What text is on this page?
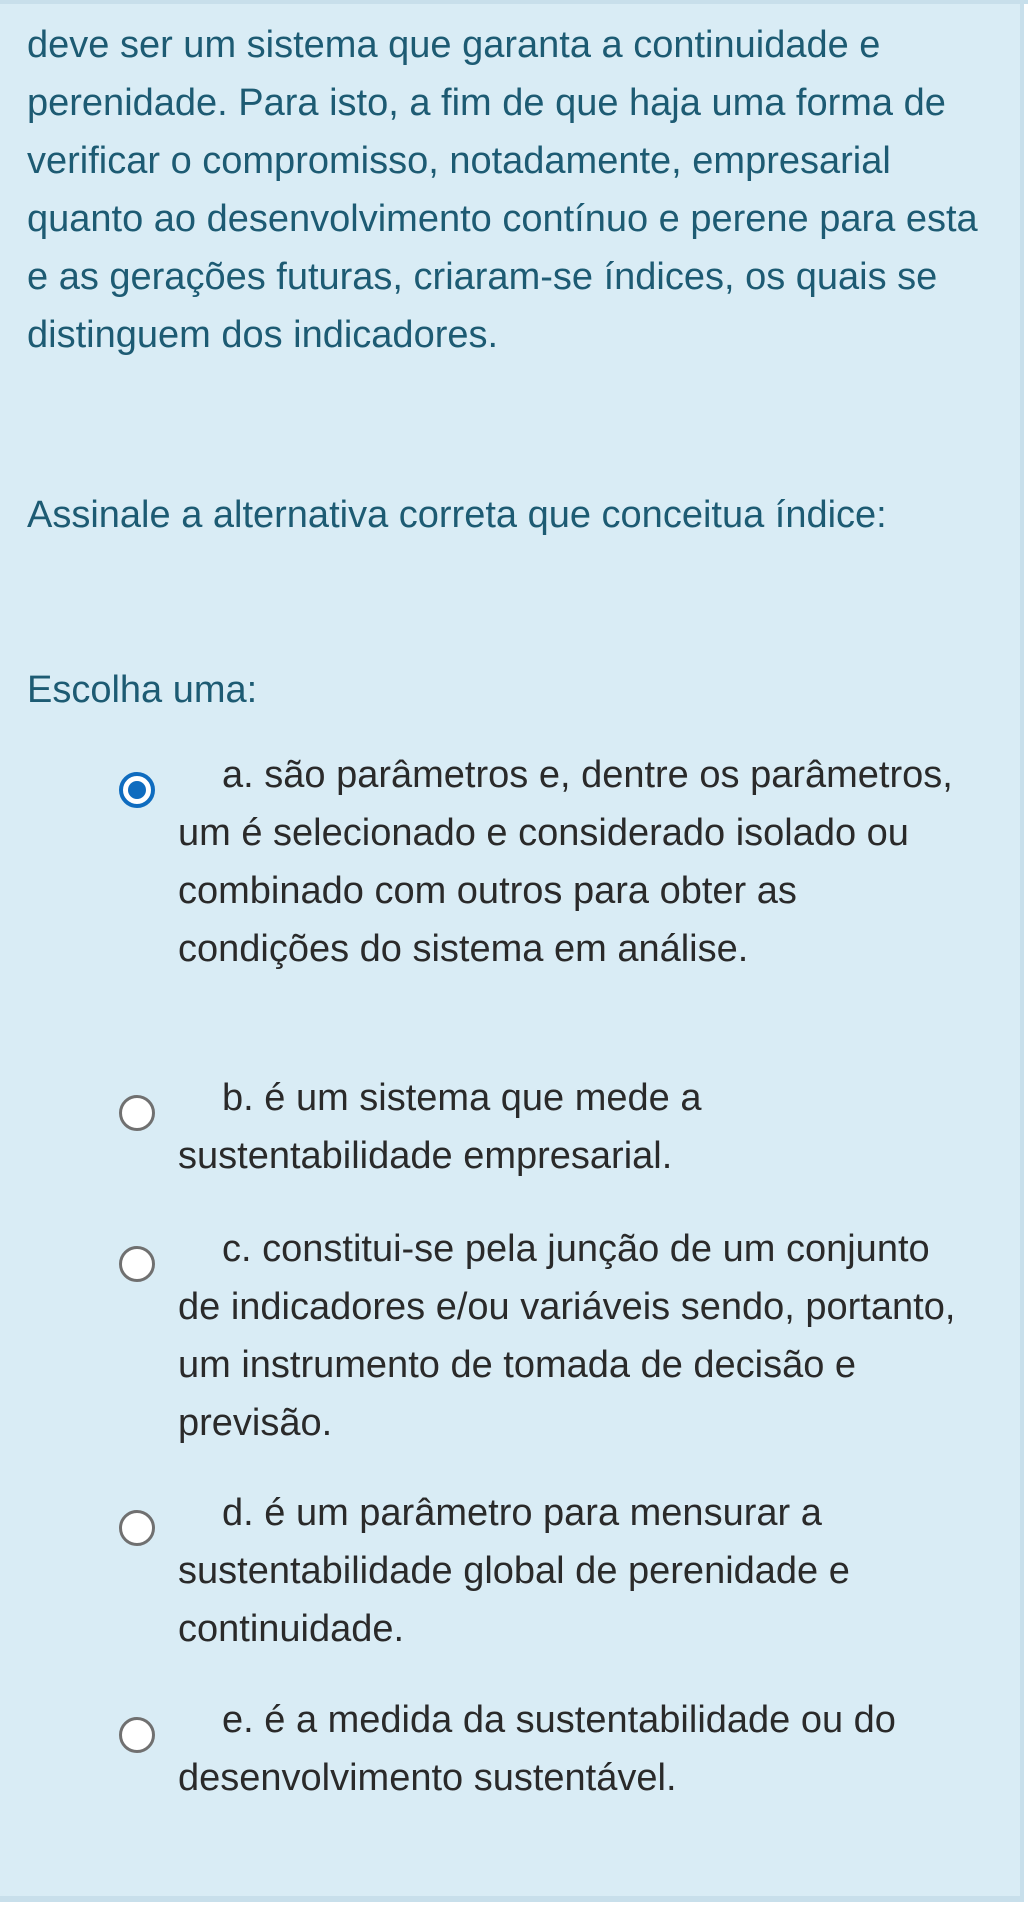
deve ser um sistema que garanta a continuidade e perenidade. Para isto, a fim de que haja uma forma de verificar o compromisso, notadamente, empresarial quanto ao desenvolvimento contínuo e perene para esta e as gerações futuras, criaram-se índices, os quais se distinguem dos indicadores.

Assinale a alternativa correta que conceitua índice:

Escolha uma:

a. são parâmetros e, dentre os parâmetros, um é selecionado e considerado isolado ou combinado com outros para obter as condições do sistema em análise.

b. é um sistema que mede a sustentabilidade empresarial.

c. constitui-se pela junção de um conjunto de indicadores e/ou variáveis sendo, portanto, um instrumento de tomada de decisão e previsão.

d. é um parâmetro para mensurar a sustentabilidade global de perenidade e continuidade.

e. é a medida da sustentabilidade ou do desenvolvimento sustentável.
